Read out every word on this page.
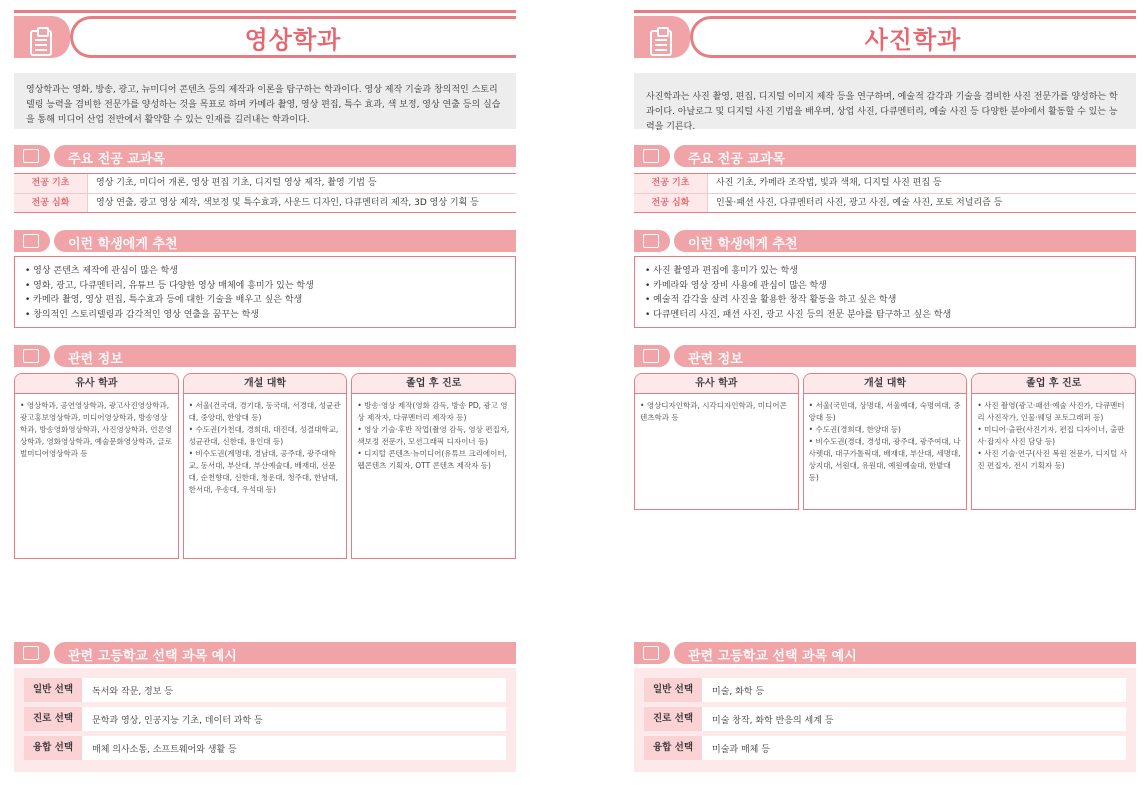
영상학과
영상학과는 영화, 방송, 광고, 뉴미디어 콘텐츠 등의 제작과 이론을 탐구하는 학과이다. 영상 제작 기술과 창의적인 스토리텔링 능력을 겸비한 전문가를 양성하는 것을 목표로 하며 카메라 촬영, 영상 편집, 특수 효과, 색 보정, 영상 연출 등의 실습을 통해 미디어 산업 전반에서 활약할 수 있는 인재를 길러내는 학과이다.
주요 전공 교과목
이런 학생에게 추천
관련 정보
관련 고등학교 선택 과목 예시
전공 기초	영상 기초, 미디어 개론, 영상 편집 기초, 디지털 영상 제작, 촬영 기법 등
전공 심화	영상 연출, 광고 영상 제작, 색보정 및 특수효과, 사운드 디자인, 다큐멘터리 제작, 3D 영상 기획 등
• 영상 콘텐츠 제작에 관심이 많은 학생
• 영화, 광고, 다큐멘터리, 유튜브 등 다양한 영상 매체에 흥미가 있는 학생
• 카메라 촬영, 영상 편집, 특수효과 등에 대한 기술을 배우고 싶은 학생
• 창의적인 스토리텔링과 감각적인 영상 연출을 꿈꾸는 학생
유사 학과
• 영상학과, 공연영상학과, 광고사진영상학과, 광고홍보영상학과, 미디어영상학과, 방송영상학과, 방송영화영상학과, 사진영상학과, 언론영상학과, 영화영상학과, 예술문화영상학과, 글로벌미디어영상학과 등
개설 대학
• 서울(건국대, 경기대, 동국대, 서경대, 성균관대, 중앙대, 한양대 등)
• 수도권(가천대, 경희대, 대진대, 성결대학교, 성균관대, 신한대, 용인대 등)
• 비수도권(계명대, 경남대, 공주대, 광주대학교, 동서대, 부산대, 부산예술대, 배재대, 선문대, 순천향대, 신한대, 청운대, 청주대, 한남대, 한서대, 우송대, 우석대 등)
졸업 후 진로
• 방송·영상 제작(영화 감독, 방송 PD, 광고 영상 제작자, 다큐멘터리 제작자 등)
• 영상 기술·후반 작업(촬영 감독, 영상 편집자, 색보정 전문가, 모션그래픽 디자이너 등)
• 디지털 콘텐츠·뉴미디어(유튜브 크리에이터, 웹콘텐츠 기획자, OTT 콘텐츠 제작자 등)
일반 선택	독서와 작문, 정보 등
진로 선택	문학과 영상, 인공지능 기초, 데이터 과학 등
융합 선택	매체 의사소통, 소프트웨어와 생활 등
사진학과
사진학과는 사진 촬영, 편집, 디지털 이미지 제작 등을 연구하며, 예술적 감각과 기술을 겸비한 사진 전문가를 양성하는 학과이다. 아날로그 및 디지털 사진 기법을 배우며, 상업 사진, 다큐멘터리, 예술 사진 등 다양한 분야에서 활동할 수 있는 능력을 기른다.
주요 전공 교과목
이런 학생에게 추천
관련 정보
관련 고등학교 선택 과목 예시
전공 기초	사진 기초, 카메라 조작법, 빛과 색채, 디지털 사진 편집 등
전공 심화	인물·패션 사진, 다큐멘터리 사진, 광고 사진, 예술 사진, 포토 저널리즘 등
• 사진 촬영과 편집에 흥미가 있는 학생
• 카메라와 영상 장비 사용에 관심이 많은 학생
• 예술적 감각을 살려 사진을 활용한 창작 활동을 하고 싶은 학생
• 다큐멘터리 사진, 패션 사진, 광고 사진 등의 전문 분야를 탐구하고 싶은 학생
유사 학과
• 영상디자인학과, 시각디자인학과, 미디어콘텐츠학과 등
개설 대학
• 서울(국민대, 상명대, 서울예대, 숙명여대, 중앙대 등)
• 수도권(경희대, 한양대 등)
• 비수도권(경대, 경성대, 광주대, 광주여대, 나사렛대, 대구가톨릭대, 배재대, 부산대, 세명대, 상지대, 서원대, 유원대, 예원예술대, 한밭대 등)
졸업 후 진로
• 사진 촬영(광고·패션·예술 사진가, 다큐멘터리 사진작가, 인물·웨딩 포토그래퍼 등)
• 미디어·출판(사진기자, 편집 디자이너, 출판사·잡지사 사진 담당 등)
• 사진 기술·연구(사진 복원 전문가, 디지털 사진 편집자, 전시 기획자 등)
일반 선택	미술, 화학 등
진로 선택	미술 창작, 화학 반응의 세계 등
융합 선택	미술과 매체 등
